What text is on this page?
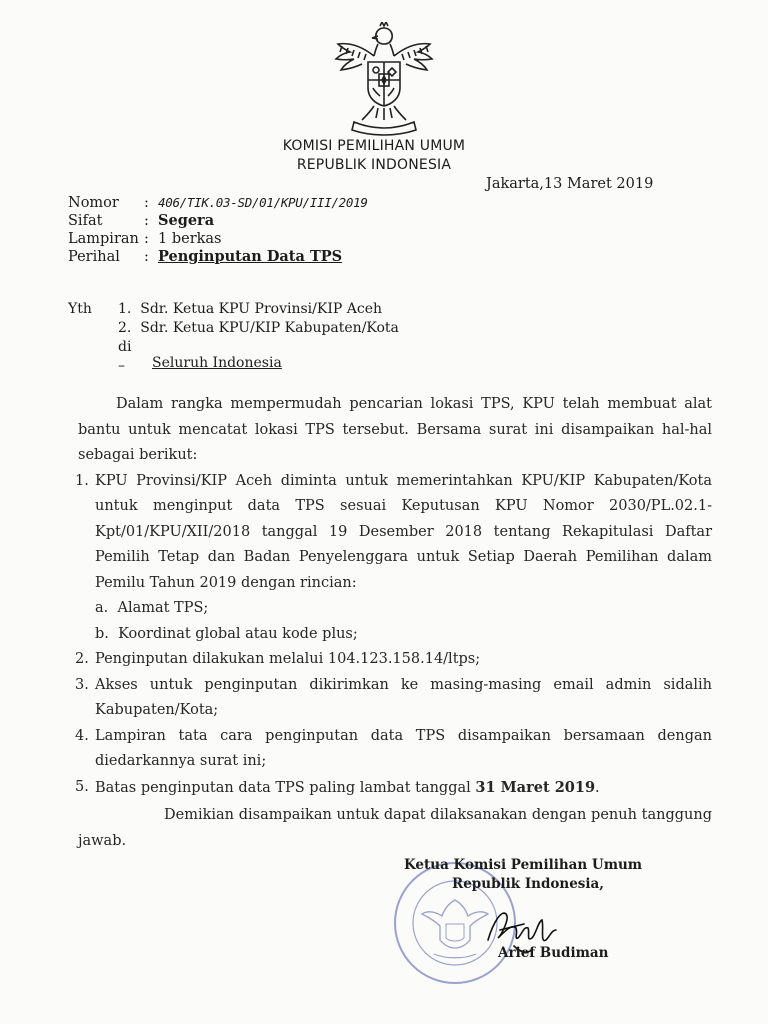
KOMISI PEMILIHAN UMUM
REPUBLIK INDONESIA
Jakarta,13 Maret 2019
Nomor	: 406/TIK.03-SD/01/KPU/III/2019
Sifat	: Segera
Lampiran : 1 berkas
Perihal	: Penginputan Data TPS
Yth 1.  Sdr. Ketua KPU Provinsi/KIP Aceh
2.  Sdr. Ketua KPU/KIP Kabupaten/Kota
di –	Seluruh Indonesia

Dalam rangka mempermudah pencarian lokasi TPS, KPU telah membuat alat bantu untuk mencatat lokasi TPS tersebut. Bersama surat ini disampaikan hal-hal sebagai berikut:

1. KPU Provinsi/KIP Aceh diminta untuk memerintahkan KPU/KIP Kabupaten/Kota untuk menginput data TPS sesuai Keputusan KPU Nomor 2030/PL.02.1-Kpt/01/KPU/XII/2018 tanggal 19 Desember 2018 tentang Rekapitulasi Daftar Pemilih Tetap dan Badan Penyelenggara untuk Setiap Daerah Pemilihan dalam Pemilu Tahun 2019 dengan rincian:
a.  Alamat TPS;
b.  Koordinat global atau kode plus;
2. Penginputan dilakukan melalui 104.123.158.14/ltps;
3. Akses untuk penginputan dikirimkan ke masing-masing email admin sidalih Kabupaten/Kota;
4. Lampiran tata cara penginputan data TPS disampaikan bersamaan dengan diedarkannya surat ini;
5. Batas penginputan data TPS paling lambat tanggal 31 Maret 2019.

Demikian disampaikan untuk dapat dilaksanakan dengan penuh tanggung jawab.

Ketua Komisi Pemilihan Umum
Republik Indonesia,
Arief Budiman
